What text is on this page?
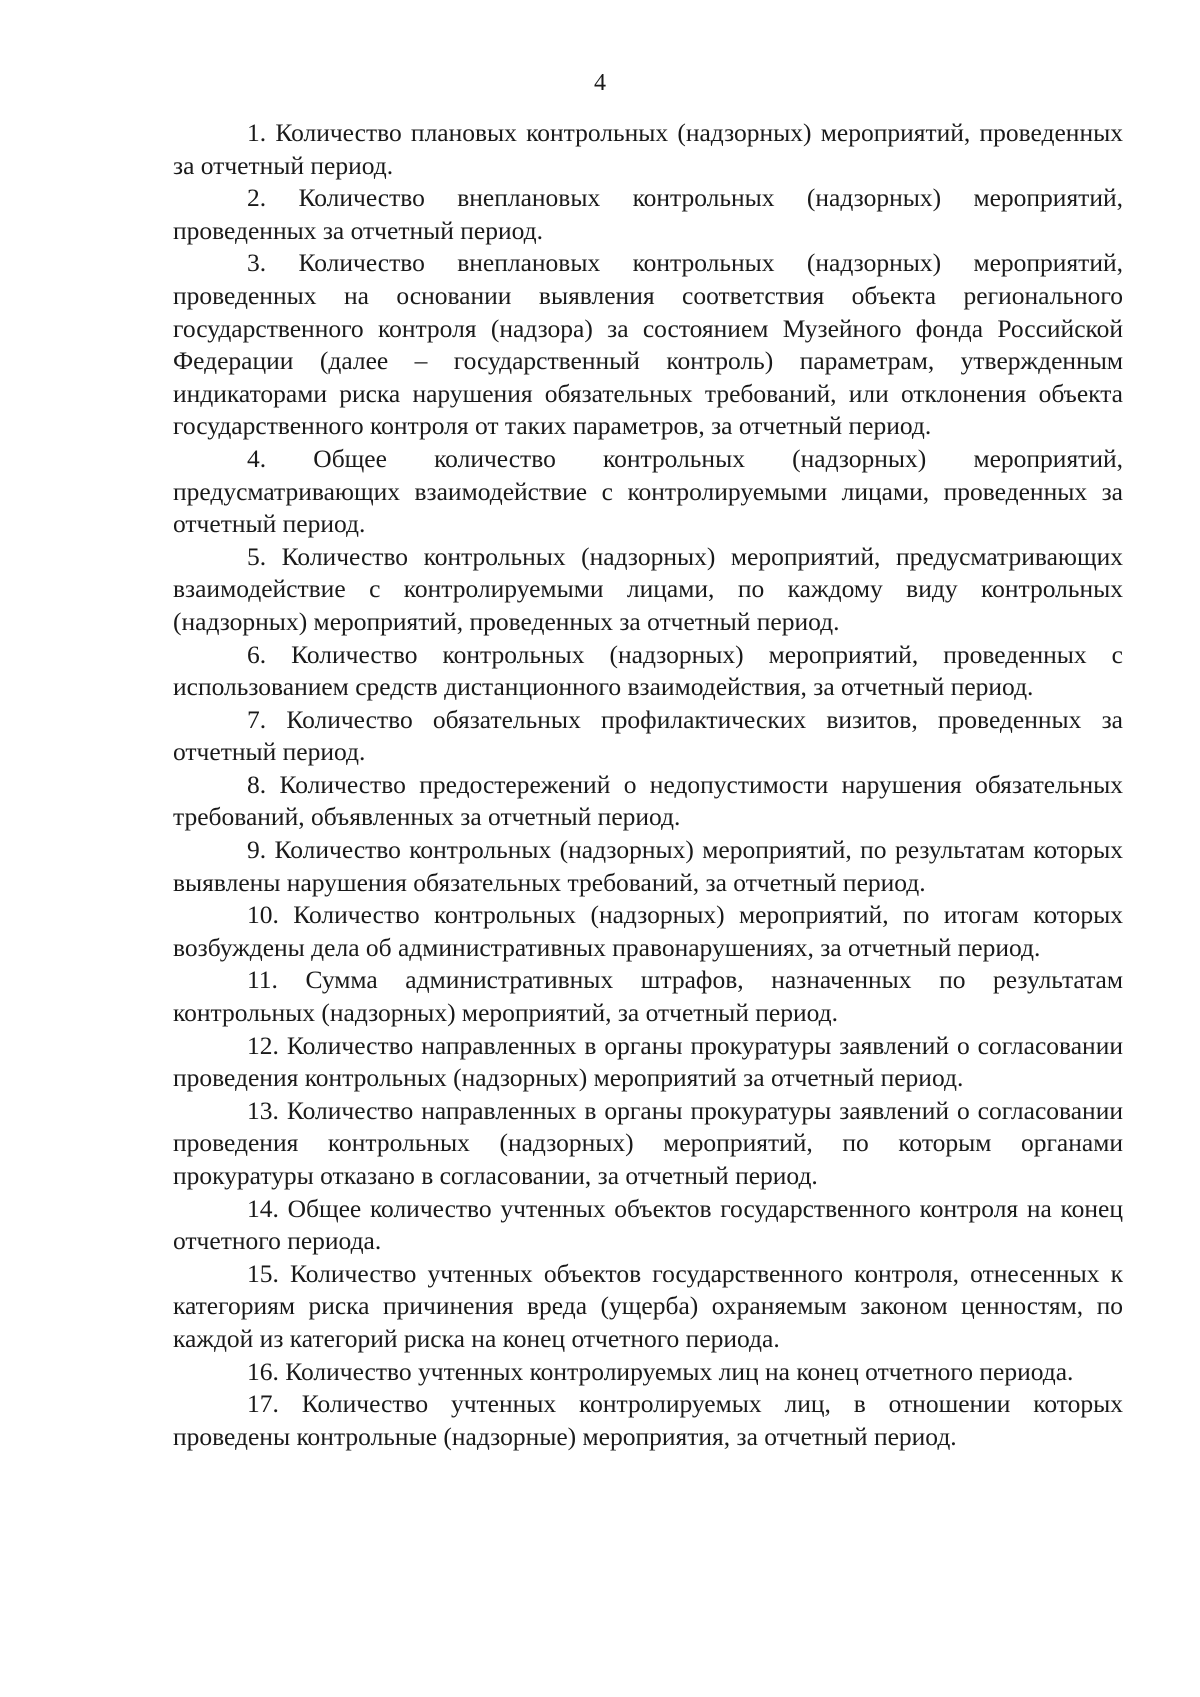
4

1. Количество плановых контрольных (надзорных) мероприятий, проведенных за отчетный период.

2. Количество внеплановых контрольных (надзорных) мероприятий, проведенных за отчетный период.

3. Количество внеплановых контрольных (надзорных) мероприятий, проведенных на основании выявления соответствия объекта регионального государственного контроля (надзора) за состоянием Музейного фонда Российской Федерации (далее – государственный контроль) параметрам, утвержденным индикаторами риска нарушения обязательных требований, или отклонения объекта государственного контроля от таких параметров, за отчетный период.

4. Общее количество контрольных (надзорных) мероприятий, предусматривающих взаимодействие с контролируемыми лицами, проведенных за отчетный период.

5. Количество контрольных (надзорных) мероприятий, предусматривающих взаимодействие с контролируемыми лицами, по каждому виду контрольных (надзорных) мероприятий, проведенных за отчетный период.

6. Количество контрольных (надзорных) мероприятий, проведенных с использованием средств дистанционного взаимодействия, за отчетный период.

7. Количество обязательных профилактических визитов, проведенных за отчетный период.

8. Количество предостережений о недопустимости нарушения обязательных требований, объявленных за отчетный период.

9. Количество контрольных (надзорных) мероприятий, по результатам которых выявлены нарушения обязательных требований, за отчетный период.

10. Количество контрольных (надзорных) мероприятий, по итогам которых возбуждены дела об административных правонарушениях, за отчетный период.

11. Сумма административных штрафов, назначенных по результатам контрольных (надзорных) мероприятий, за отчетный период.

12. Количество направленных в органы прокуратуры заявлений о согласовании проведения контрольных (надзорных) мероприятий за отчетный период.

13. Количество направленных в органы прокуратуры заявлений о согласовании проведения контрольных (надзорных) мероприятий, по которым органами прокуратуры отказано в согласовании, за отчетный период.

14. Общее количество учтенных объектов государственного контроля на конец отчетного периода.

15. Количество учтенных объектов государственного контроля, отнесенных к категориям риска причинения вреда (ущерба) охраняемым законом ценностям, по каждой из категорий риска на конец отчетного периода.

16. Количество учтенных контролируемых лиц на конец отчетного периода.

17. Количество учтенных контролируемых лиц, в отношении которых проведены контрольные (надзорные) мероприятия, за отчетный период.
